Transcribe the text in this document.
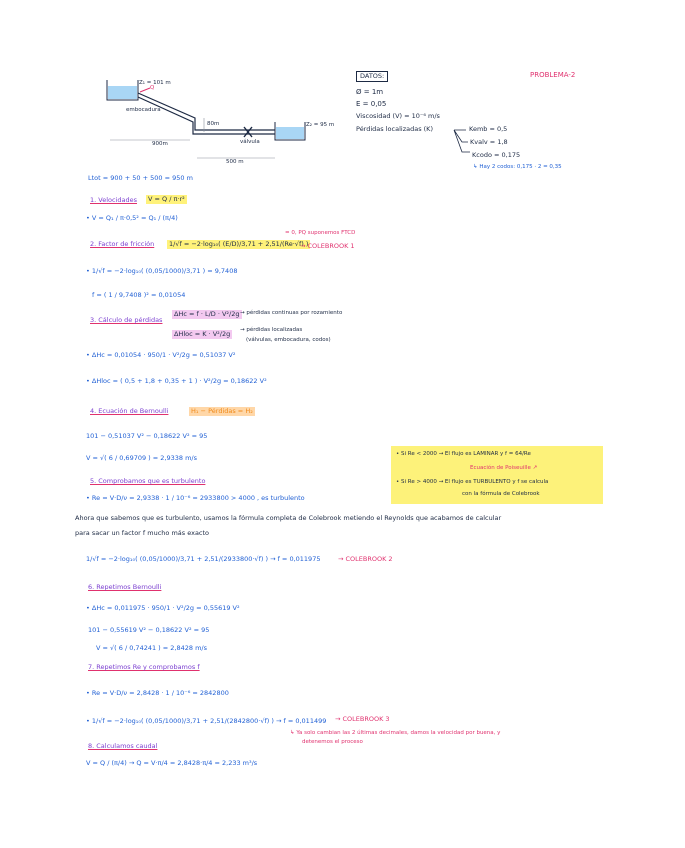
DATOS:	PROBLEMA-2
Z₁ = 101 m
Q
embocadura
80m
válvula
Z₂ = 95 m
900m
500 m
Ø = 1m
E = 0,05
Viscosidad (V) = 10⁻⁶ m/s
Pérdidas localizadas (K)	Kemb = 0,5
Kvalv = 1,8
Kcodo = 0,175
↳ Hay 2 codos: 0,175 · 2 = 0,35
Ltot = 900 + 50 + 500 = 950 m
1. Velocidades	V = Q / π·r²
• V = Q₁ / π·0,5² = Q₁ / (π/4)
2. Factor de fricción	1/√f = −2·log₁₀( (E/D)/3,71 + 2,51/(Re·√f) )
= 0, PQ suponemos FTCD
→ COLEBROOK 1
• 1/√f = −2·log₁₀( (0,05/1000)/3,71 ) = 9,7408
f = ( 1 / 9,7408 )² = 0,01054
3. Cálculo de pérdidas
ΔHc = f · L/D · V²/2g → pérdidas continuas por rozamiento
ΔHloc = K · V²/2g	→ pérdidas localizadas
(válvulas, embocadura, codos)
• ΔHc = 0,01054 · 950/1 · V²/2g = 0,51037 V²
• ΔHloc = ( 0,5 + 1,8 + 0,35 + 1 ) · V²/2g = 0,18622 V²
4. Ecuación de Bernoulli	H₁ − Pérdidas = H₂
101 − 0,51037 V² − 0,18622 V² = 95
V = √( 6 / 0,69709 ) = 2,9338 m/s	• Si Re < 2000 → El flujo es LAMINAR y f = 64/Re
Ecuación de Poiseuille ↗
• Si Re > 4000 → El flujo es TURBULENTO y f se calcula
con la fórmula de Colebrook
5. Comprobamos que es turbulento
• Re = V·D/ν = 2,9338 · 1 / 10⁻⁶ = 2933800 > 4000 , es turbulento
Ahora que sabemos que es turbulento, usamos la fórmula completa de Colebrook metiendo el Reynolds que acabamos de calcular
para sacar un factor f mucho más exacto
1/√f = −2·log₁₀( (0,05/1000)/3,71 + 2,51/(2933800·√f) ) → f = 0,011975	→ COLEBROOK 2
6. Repetimos Bernoulli
• ΔHc = 0,011975 · 950/1 · V²/2g = 0,55619 V²
101 − 0,55619 V² − 0,18622 V² = 95
V = √( 6 / 0,74241 ) = 2,8428 m/s
7. Repetimos Re y comprobamos f
• Re = V·D/ν = 2,8428 · 1 / 10⁻⁶ = 2842800
• 1/√f = −2·log₁₀( (0,05/1000)/3,71 + 2,51/(2842800·√f) ) → f = 0,011499 → COLEBROOK 3
↳ Ya solo cambian las 2 últimas decimales, damos la velocidad por buena, y
detenemos el proceso
8. Calculamos caudal
V = Q / (π/4) → Q = V·π/4 = 2,8428·π/4 = 2,233 m³/s
